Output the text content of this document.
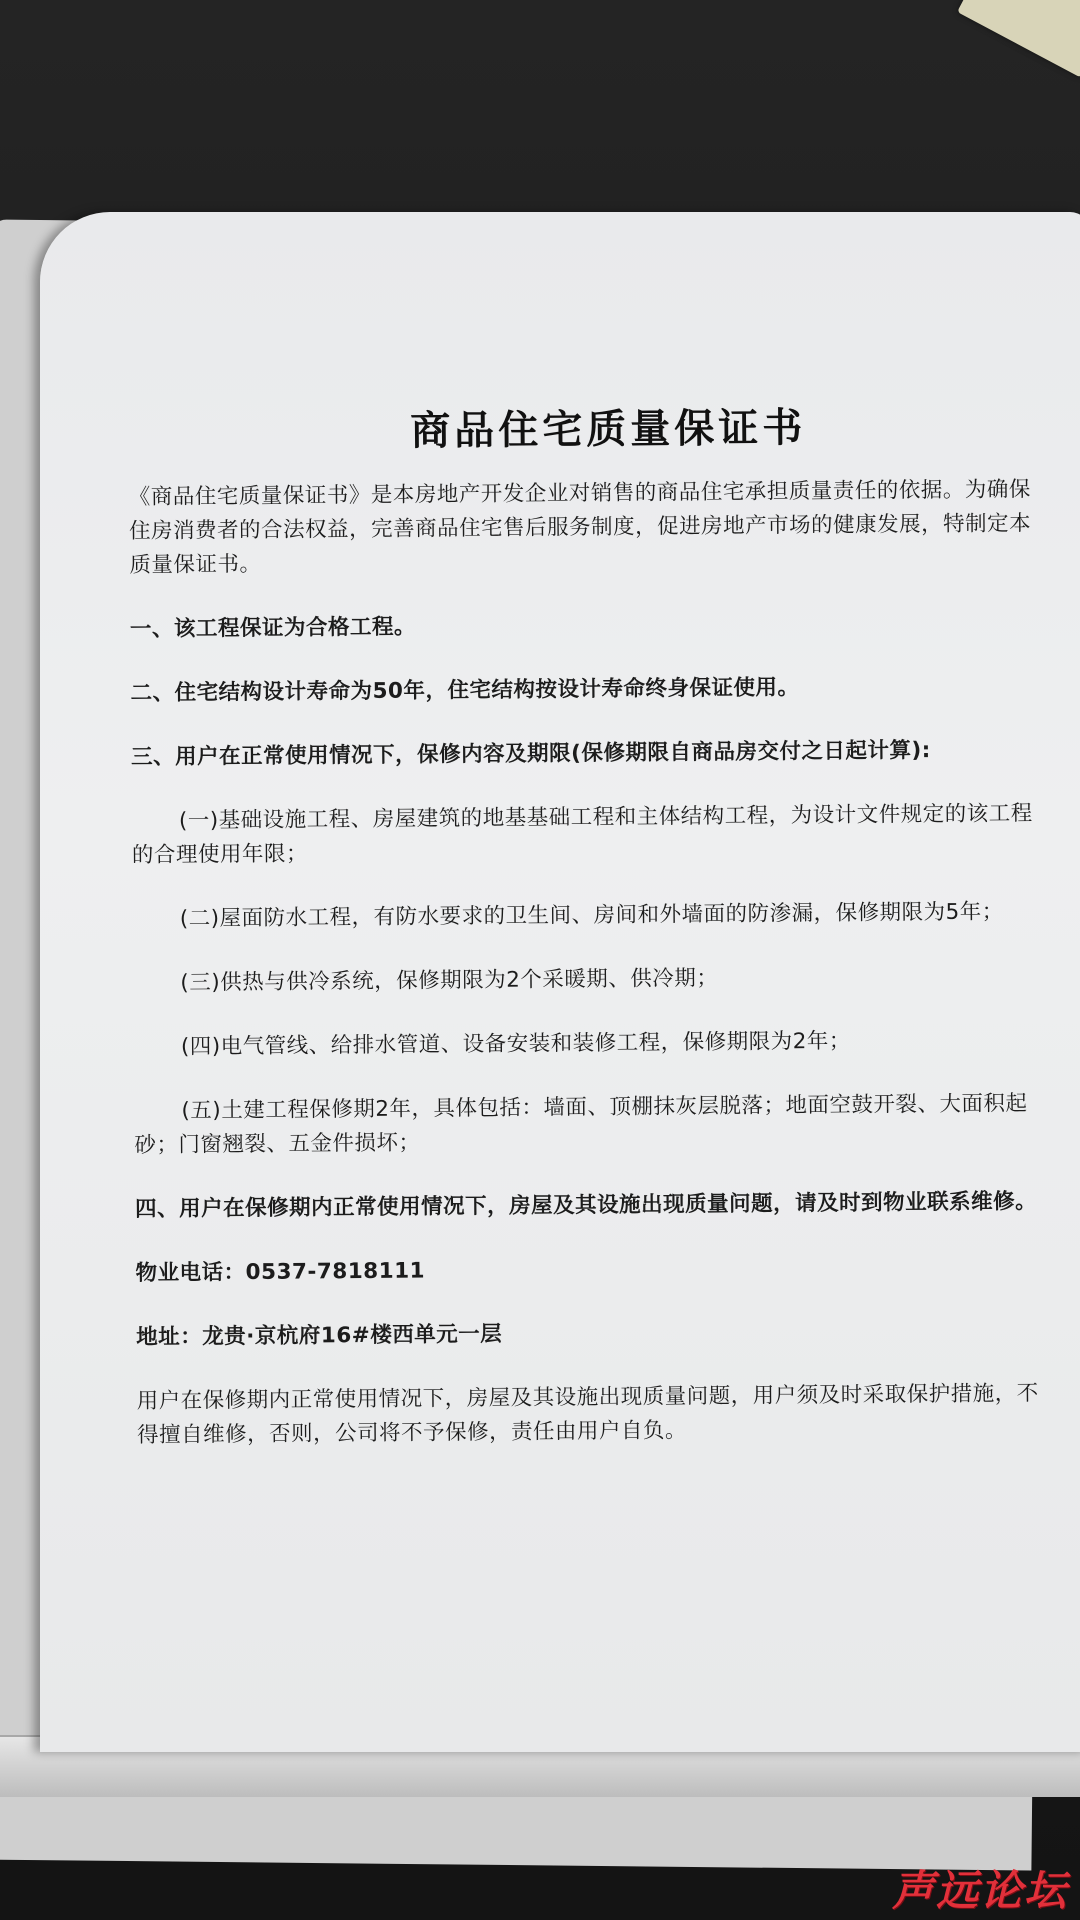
商品住宅质量保证书

《商品住宅质量保证书》是本房地产开发企业对销售的商品住宅承担质量责任的依据。为确保住房消费者的合法权益，完善商品住宅售后服务制度，促进房地产市场的健康发展，特制定本质量保证书。

一、该工程保证为合格工程。

二、住宅结构设计寿命为50年，住宅结构按设计寿命终身保证使用。

三、用户在正常使用情况下，保修内容及期限(保修期限自商品房交付之日起计算):

(一)基础设施工程、房屋建筑的地基基础工程和主体结构工程，为设计文件规定的该工程的合理使用年限；

(二)屋面防水工程，有防水要求的卫生间、房间和外墙面的防渗漏，保修期限为5年；

(三)供热与供冷系统，保修期限为2个采暖期、供冷期；

(四)电气管线、给排水管道、设备安装和装修工程，保修期限为2年；

(五)土建工程保修期2年，具体包括：墙面、顶棚抹灰层脱落；地面空鼓开裂、大面积起砂；门窗翘裂、五金件损坏；

四、用户在保修期内正常使用情况下，房屋及其设施出现质量问题，请及时到物业联系维修。

物业电话：0537-7818111

地址：龙贵·京杭府16#楼西单元一层

用户在保修期内正常使用情况下，房屋及其设施出现质量问题，用户须及时采取保护措施，不得擅自维修，否则，公司将不予保修，责任由用户自负。

声远论坛
